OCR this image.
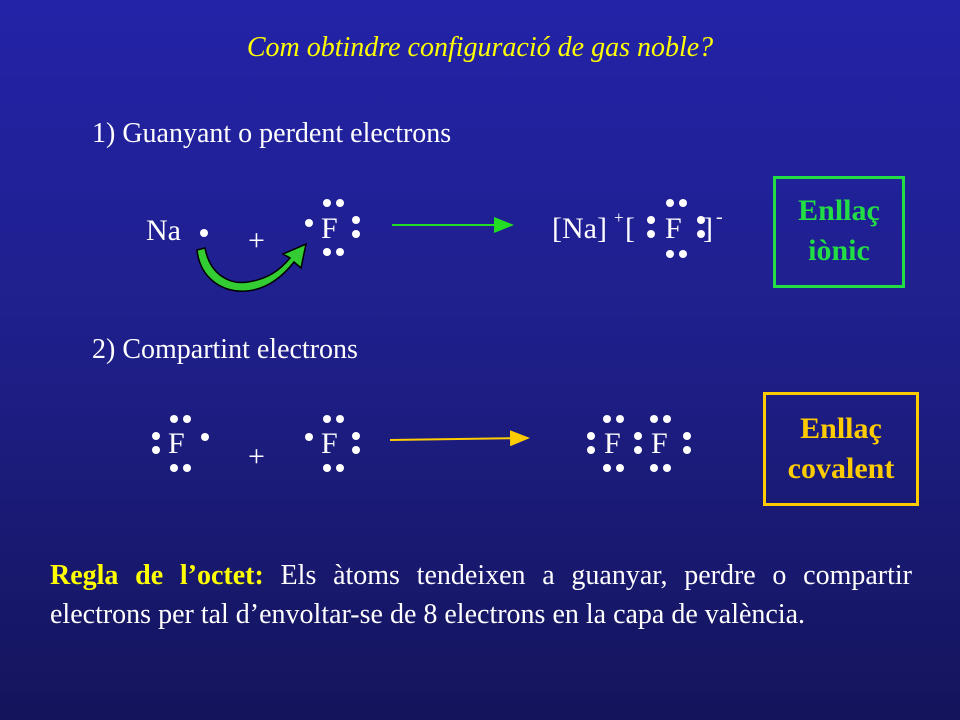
Com obtindre configuració de gas noble?
1) Guanyant o perdent electrons
Na + F	[Na] + [ F ] -	Enllaç
iònic
2) Compartint electrons
F + F	F F	Enllaç
covalent
Regla de l’octet: Els àtoms tendeixen a guanyar, perdre o compartir electrons per tal d’envoltar-se de 8 electrons en la capa de valència.
